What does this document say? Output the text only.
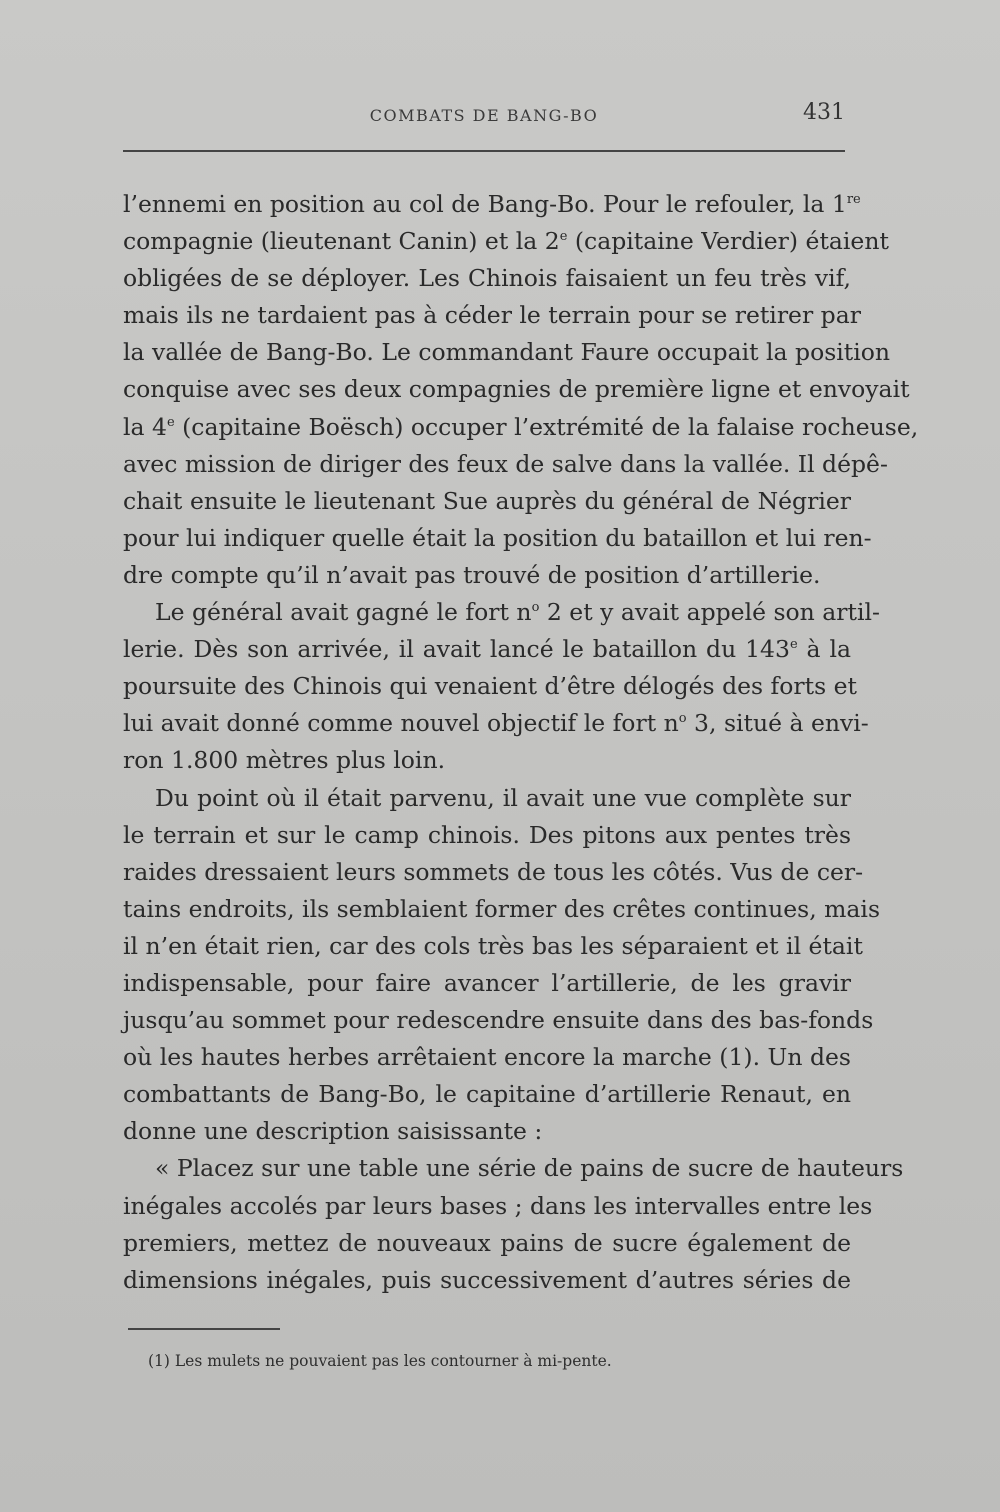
COMBATS DE BANG-BO	431
l’ennemi en position au col de Bang-Bo. Pour le refouler, la 1re
compagnie (lieutenant Canin) et la 2e (capitaine Verdier) étaient
obligées de se déployer. Les Chinois faisaient un feu très vif,
mais ils ne tardaient pas à céder le terrain pour se retirer par
la vallée de Bang-Bo. Le commandant Faure occupait la position
conquise avec ses deux compagnies de première ligne et envoyait
la 4e (capitaine Boësch) occuper l’extrémité de la falaise rocheuse,
avec mission de diriger des feux de salve dans la vallée. Il dépê-
chait ensuite le lieutenant Sue auprès du général de Négrier
pour lui indiquer quelle était la position du bataillon et lui ren-
dre compte qu’il n’avait pas trouvé de position d’artillerie.
Le général avait gagné le fort $n^o$ 2 et y avait appelé son artil-
lerie. Dès son arrivée, il avait lancé le bataillon du 143e à la
poursuite des Chinois qui venaient d’être délogés des forts et
lui avait donné comme nouvel objectif le fort $n^o$ 3, situé à envi-
ron 1.800 mètres plus loin.
Du point où il était parvenu, il avait une vue complète sur
le terrain et sur le camp chinois. Des pitons aux pentes très
raides dressaient leurs sommets de tous les côtés. Vus de cer-
tains endroits, ils semblaient former des crêtes continues, mais
il n’en était rien, car des cols très bas les séparaient et il était
indispensable, pour faire avancer l’artillerie, de les gravir
jusqu’au sommet pour redescendre ensuite dans des bas-fonds
où les hautes herbes arrêtaient encore la marche (1). Un des
combattants de Bang-Bo, le capitaine d’artillerie Renaut, en
donne une description saisissante :
« Placez sur une table une série de pains de sucre de hauteurs
inégales accolés par leurs bases ; dans les intervalles entre les
premiers, mettez de nouveaux pains de sucre également de
dimensions inégales, puis successivement d’autres séries de
(1) Les mulets ne pouvaient pas les contourner à mi-pente.
